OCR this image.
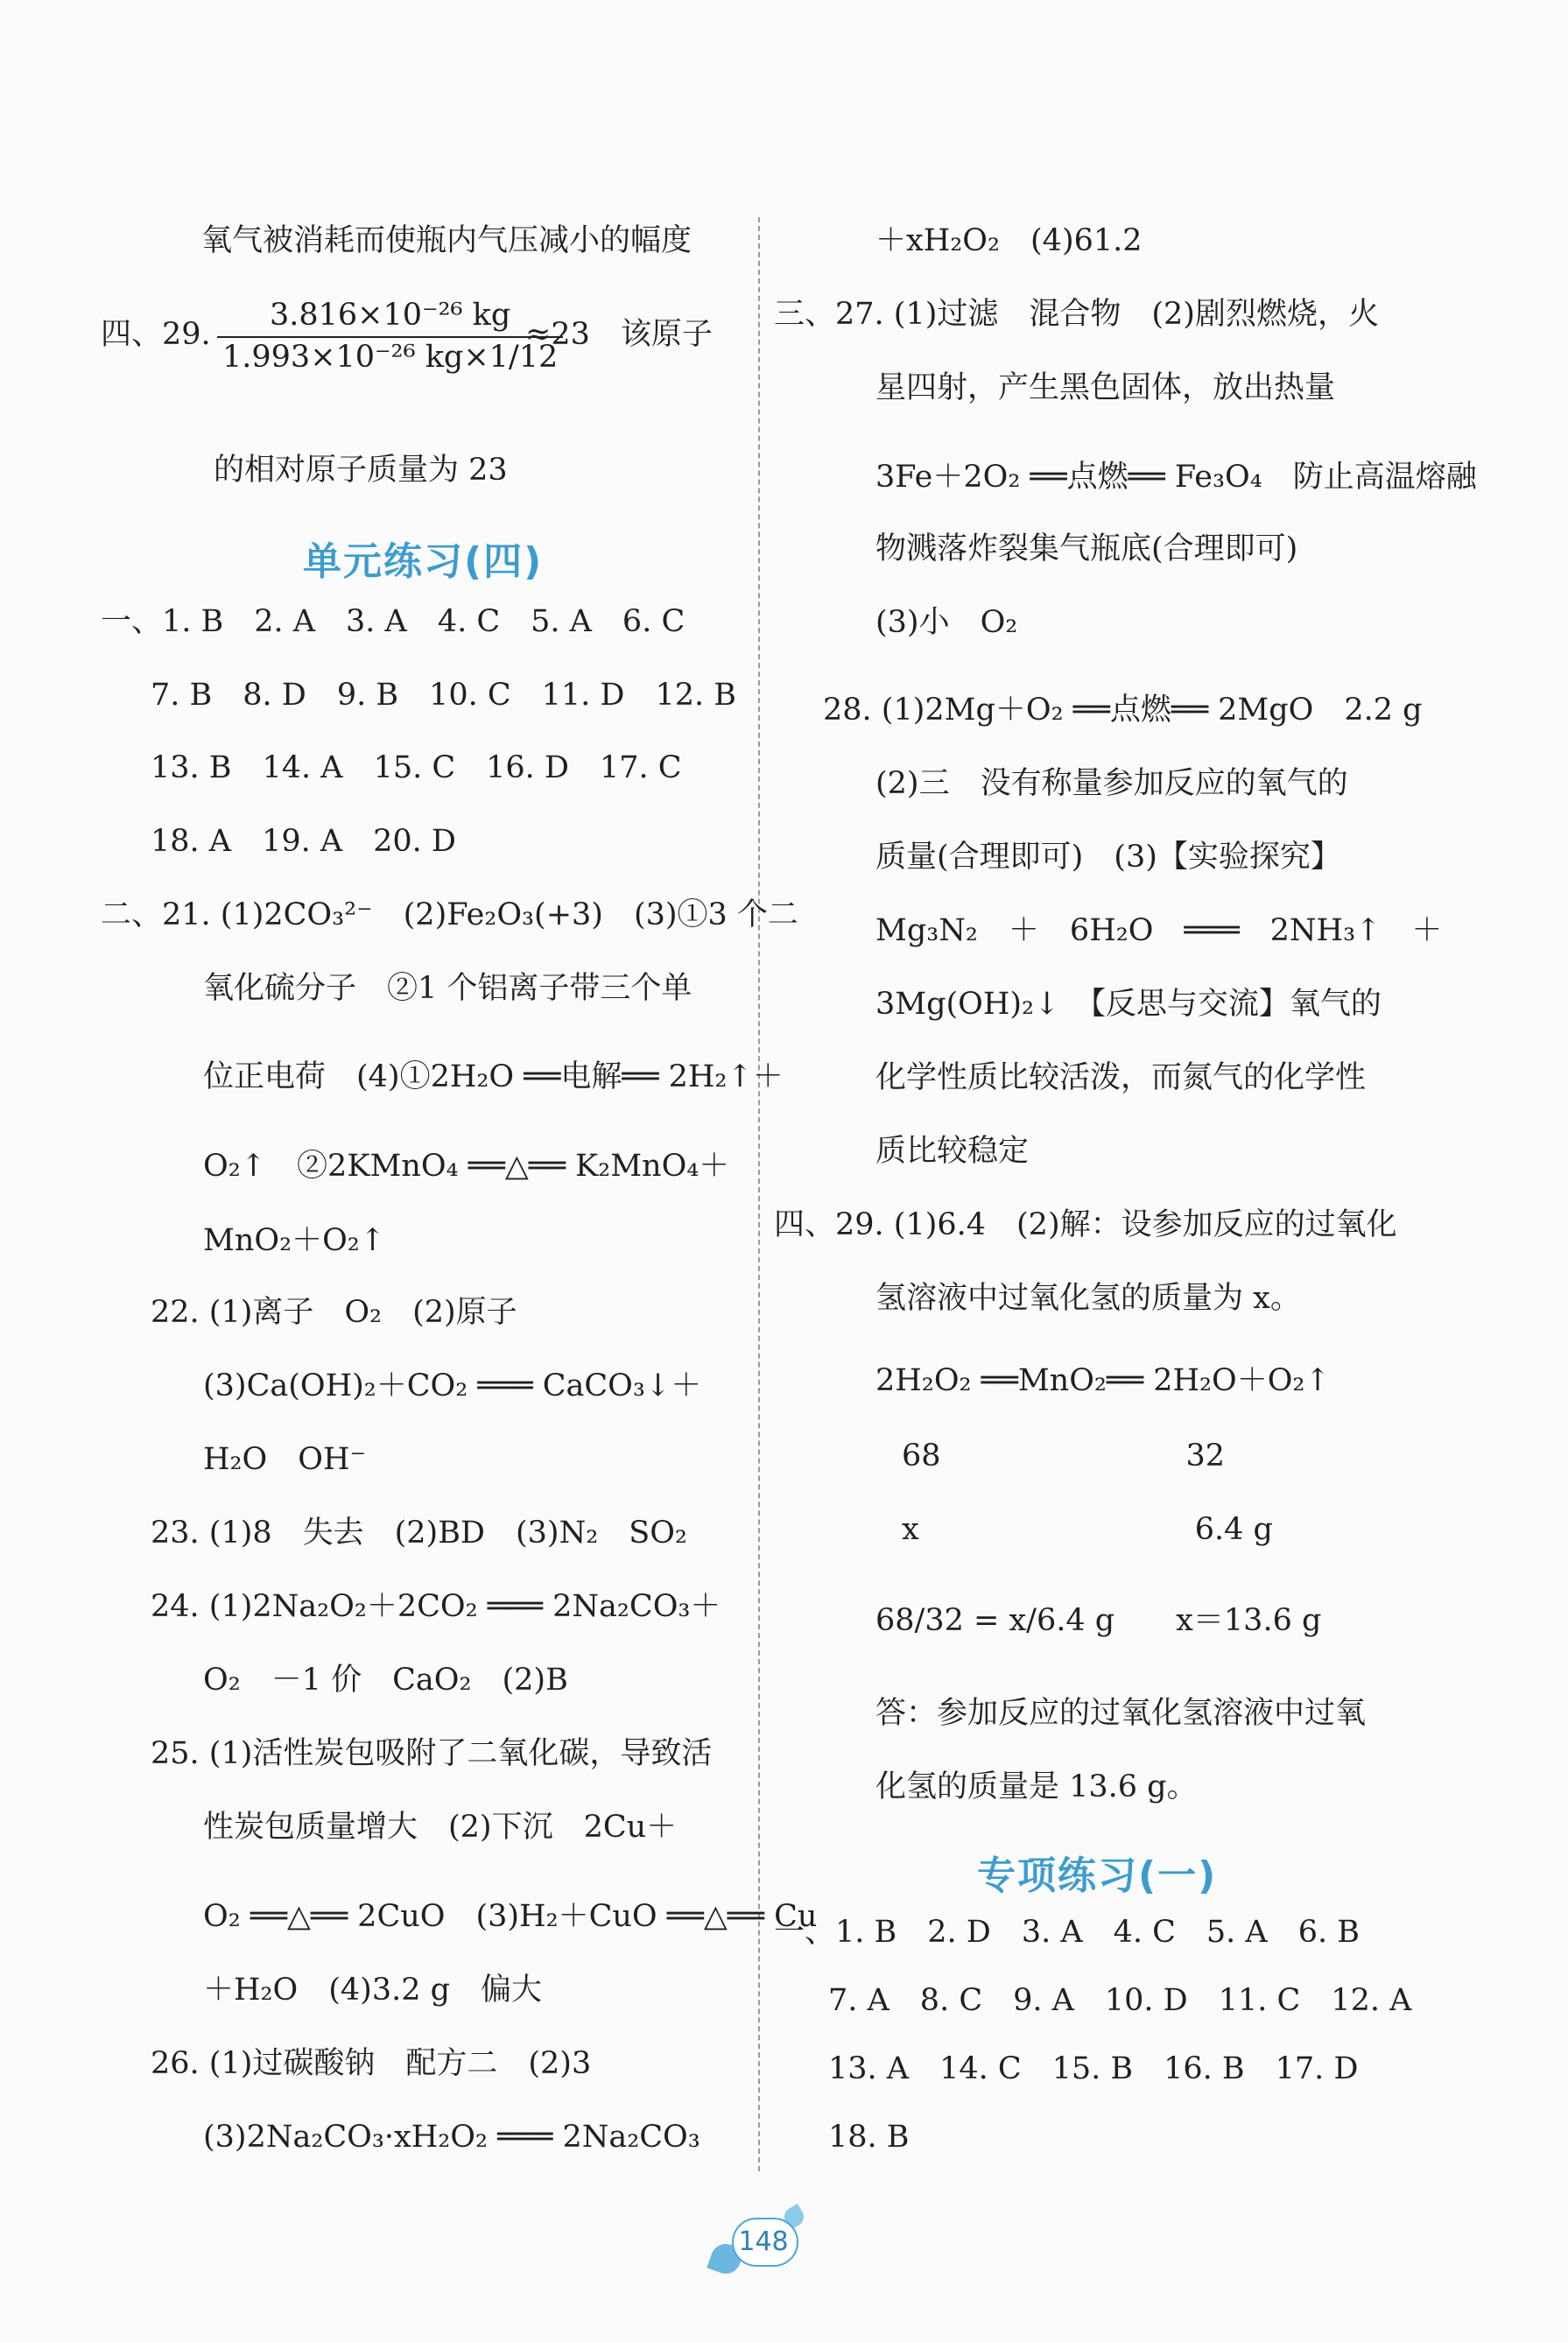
氧气被消耗而使瓶内气压减小的幅度
四、29. $\frac{\text{3.816×10⁻²⁶ kg}}{\text{1.993×10⁻²⁶ kg×1/12}}$
≈23　该原子
的相对原子质量为 23
单元练习(四)
一、1. B　2. A　3. A　4. C　5. A　6. C
7. B　8. D　9. B　10. C　11. D　12. B
13. B　14. A　15. C　16. D　17. C
18. A　19. A　20. D
二、21. (1)2CO₃²⁻　(2)Fe₂O₃(+3)　(3)①3 个二
氧化硫分子　②1 个铝离子带三个单
位正电荷　(4)①2H₂O ══电解══ 2H₂↑＋
O₂↑　②2KMnO₄ ══△══ K₂MnO₄＋
MnO₂＋O₂↑
22. (1)离子　O₂　(2)原子
(3)Ca(OH)₂＋CO₂ ═══ CaCO₃↓＋
H₂O　OH⁻
23. (1)8　失去　(2)BD　(3)N₂　SO₂
24. (1)2Na₂O₂＋2CO₂ ═══ 2Na₂CO₃＋
O₂　－1 价　CaO₂　(2)B
25. (1)活性炭包吸附了二氧化碳，导致活
性炭包质量增大　(2)下沉　2Cu＋
O₂ ══△══ 2CuO　(3)H₂＋CuO ══△══ Cu
＋H₂O　(4)3.2 g　偏大
26. (1)过碳酸钠　配方二　(2)3
(3)2Na₂CO₃·xH₂O₂ ═══ 2Na₂CO₃
＋xH₂O₂　(4)61.2
三、27. (1)过滤　混合物　(2)剧烈燃烧，火
星四射，产生黑色固体，放出热量
3Fe＋2O₂ ══点燃══ Fe₃O₄　防止高温熔融
物溅落炸裂集气瓶底(合理即可)
(3)小　O₂
28. (1)2Mg＋O₂ ══点燃══ 2MgO　2.2 g
(2)三　没有称量参加反应的氧气的
质量(合理即可)　(3)【实验探究】
Mg₃N₂　＋　6H₂O　═══　2NH₃↑　＋
3Mg(OH)₂↓　【反思与交流】氧气的
化学性质比较活泼，而氮气的化学性
质比较稳定
四、29. (1)6.4　(2)解：设参加反应的过氧化
氢溶液中过氧化氢的质量为 x。
2H₂O₂ ══MnO₂══ 2H₂O＋O₂↑
68　　　　　　　　32
x　　　　　　　　　6.4 g
68/32 = x/6.4 g　　x＝13.6 g
答：参加反应的过氧化氢溶液中过氧
化氢的质量是 13.6 g。
专项练习(一)
一、1. B　2. D　3. A　4. C　5. A　6. B
7. A　8. C　9. A　10. D　11. C　12. A
13. A　14. C　15. B　16. B　17. D
18. B
148
